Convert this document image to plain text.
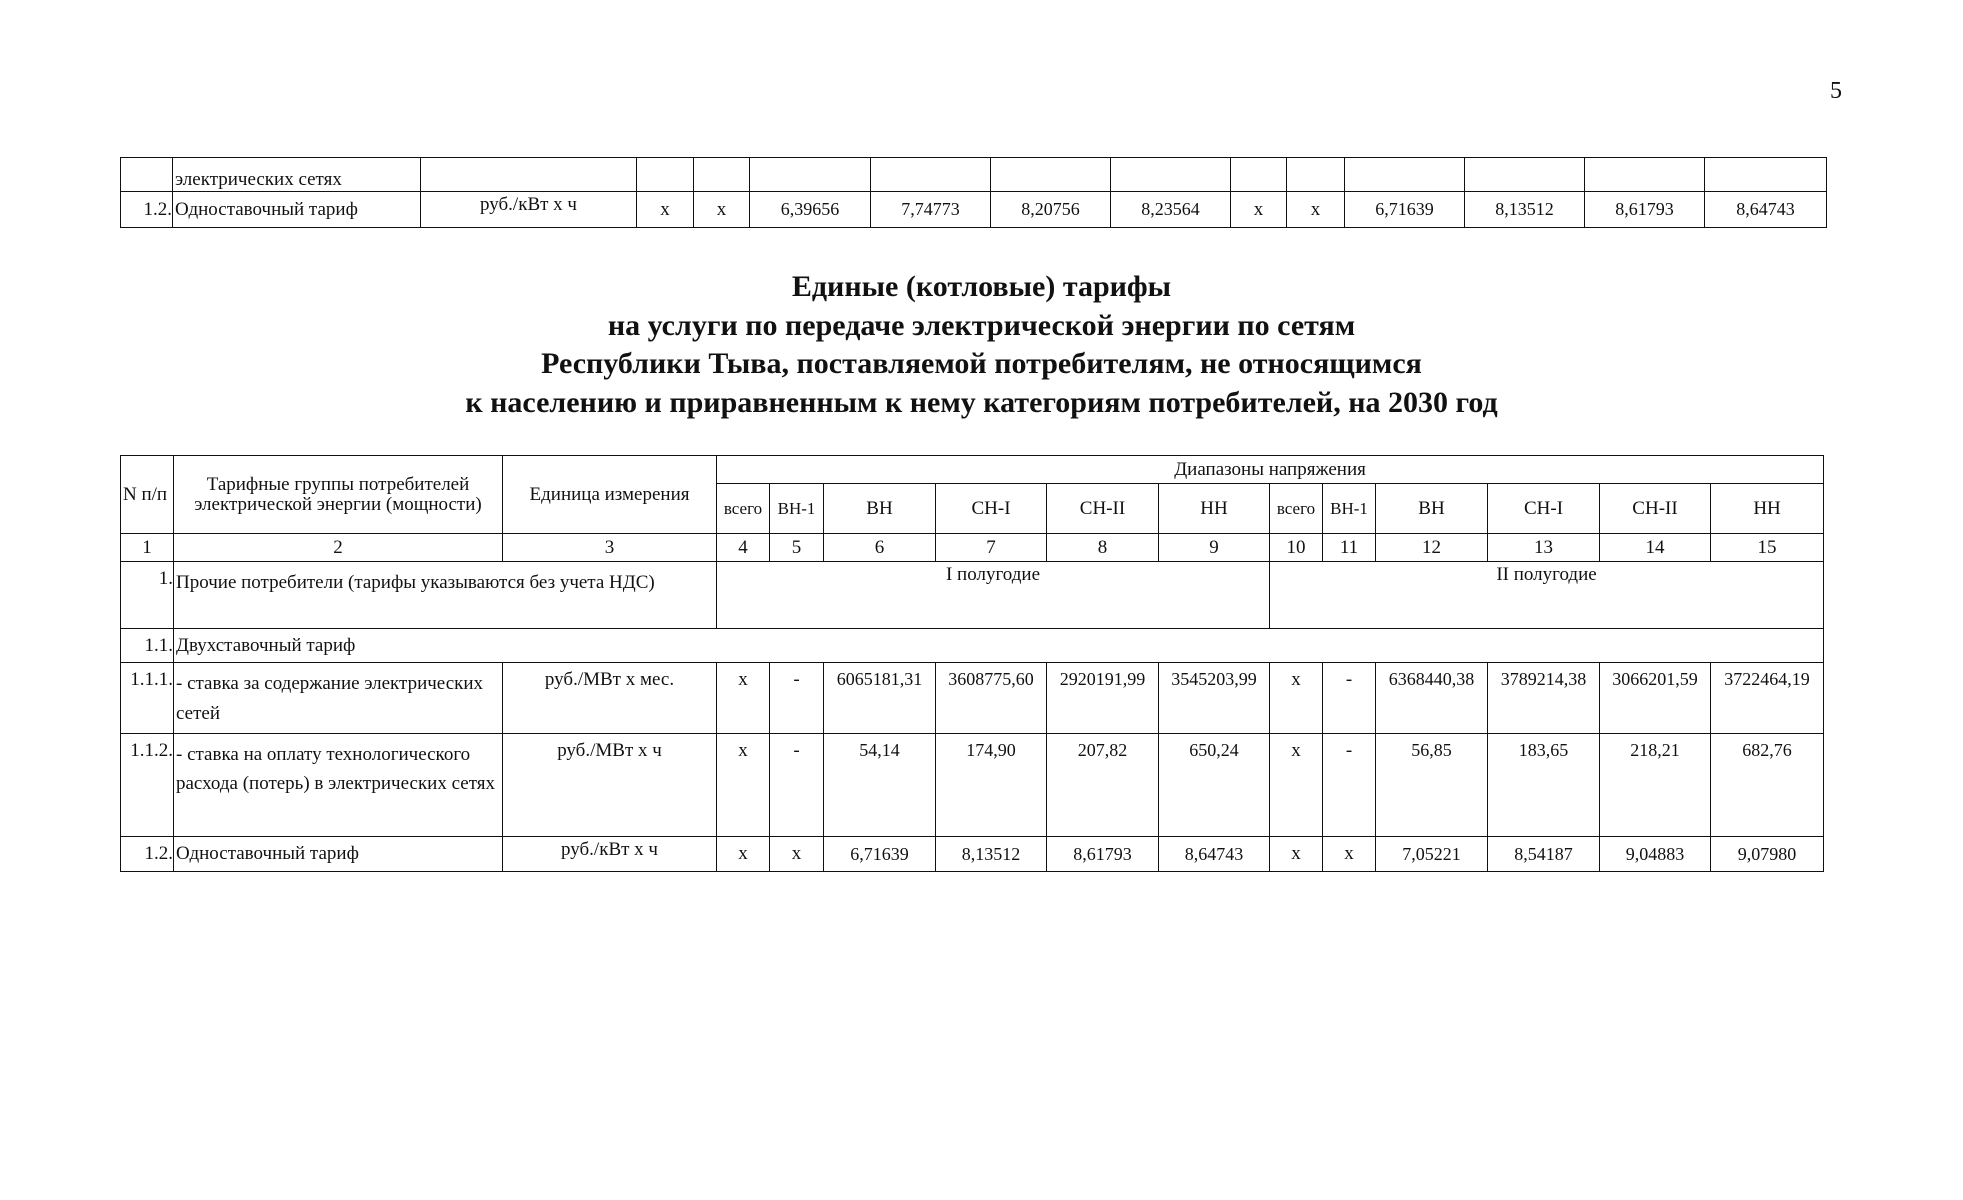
5
	электрических сетях													
1.2.	Одноставочный тариф	руб./кВт х ч	х	х	6,39656	7,74773	8,20756	8,23564	х	х	6,71639	8,13512	8,61793	8,64743
Единые (котловые) тарифы
на услуги по передаче электрической энергии по сетям
Республики Тыва, поставляемой потребителям, не относящимся
к населению и приравненным к нему категориям потребителей, на 2030 год
N п/п	Тарифные группы потребителей электрической энергии (мощности)	Единица измерения	Диапазоны напряжения											
			всего	ВН-1	ВН	СН-I	СН-II	НН	всего	ВН-1	ВН	СН-I	СН-II	НН
1	2	3	4	5	6	7	8	9	10	11	12	13	14	15
1.	Прочие потребители (тарифы указываются без учета НДС)		I полугодие						II полугодие					
1.1.	Двухставочный тариф													
1.1.1.	- ставка за содержание электрических сетей	руб./МВт х мес.	х	-	6065181,31	3608775,60	2920191,99	3545203,99	х	-	6368440,38	3789214,38	3066201,59	3722464,19
1.1.2.	- ставка на оплату технологического расхода (потерь) в электрических сетях	руб./МВт х ч	х	-	54,14	174,90	207,82	650,24	х	-	56,85	183,65	218,21	682,76
1.2.	Одноставочный тариф	руб./кВт х ч	х	х	6,71639	8,13512	8,61793	8,64743	х	х	7,05221	8,54187	9,04883	9,07980
